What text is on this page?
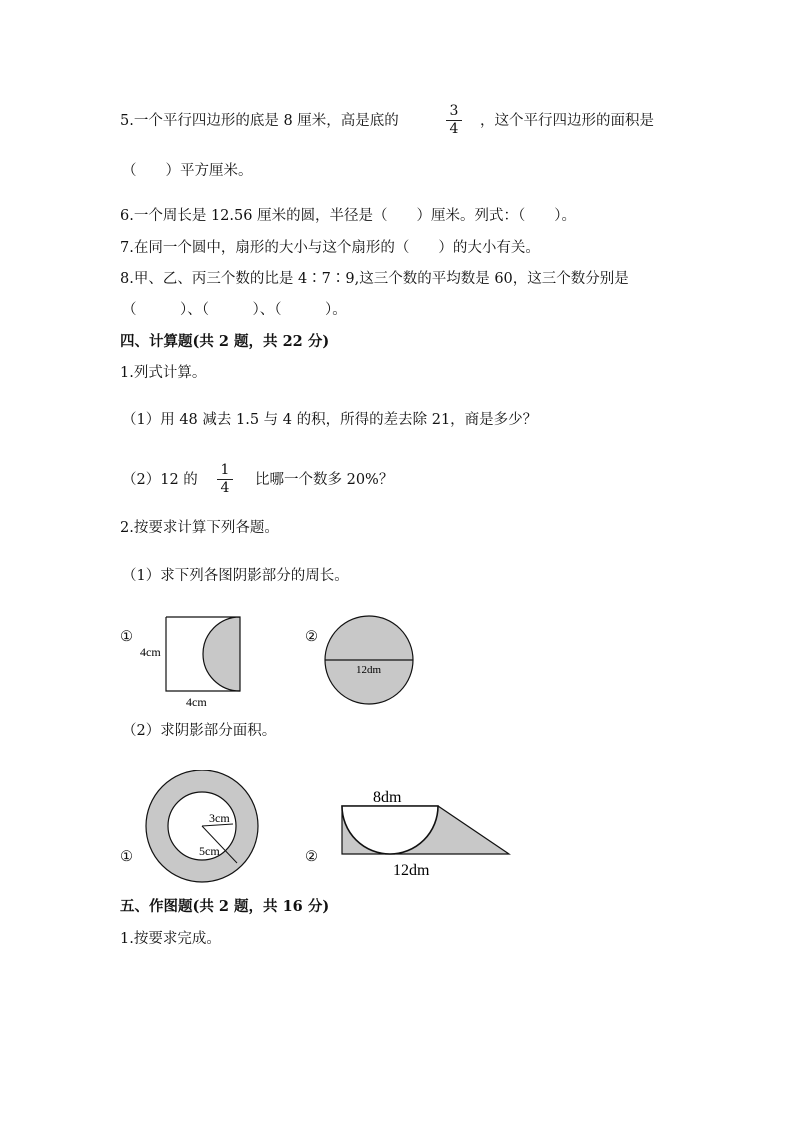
5.一个平行四边形的底是 8 厘米，高是底的
3
4 ，这个平行四边形的面积是
（　　）平方厘米。
6.一个周长是 12.56 厘米的圆，半径是（　　）厘米。列式：（　　）。
7.在同一个圆中，扇形的大小与这个扇形的（　　）的大小有关。
8.甲、乙、丙三个数的比是 4∶7∶9,这三个数的平均数是 60，这三个数分别是
（　　　）、（　　　）、（　　　）。
四、计算题(共 2 题，共 22 分)
1.列式计算。
（1）用 48 减去 1.5 与 4 的积，所得的差去除 21，商是多少？
（2）12 的
1
4 比哪一个数多 20%？
2.按要求计算下列各题。
（1）求下列各图阴影部分的周长。
①
4cm
4cm
②
12dm
（2）求阴影部分面积。
①
3cm
5cm	②
8dm
12dm
五、作图题(共 2 题，共 16 分)
1.按要求完成。
